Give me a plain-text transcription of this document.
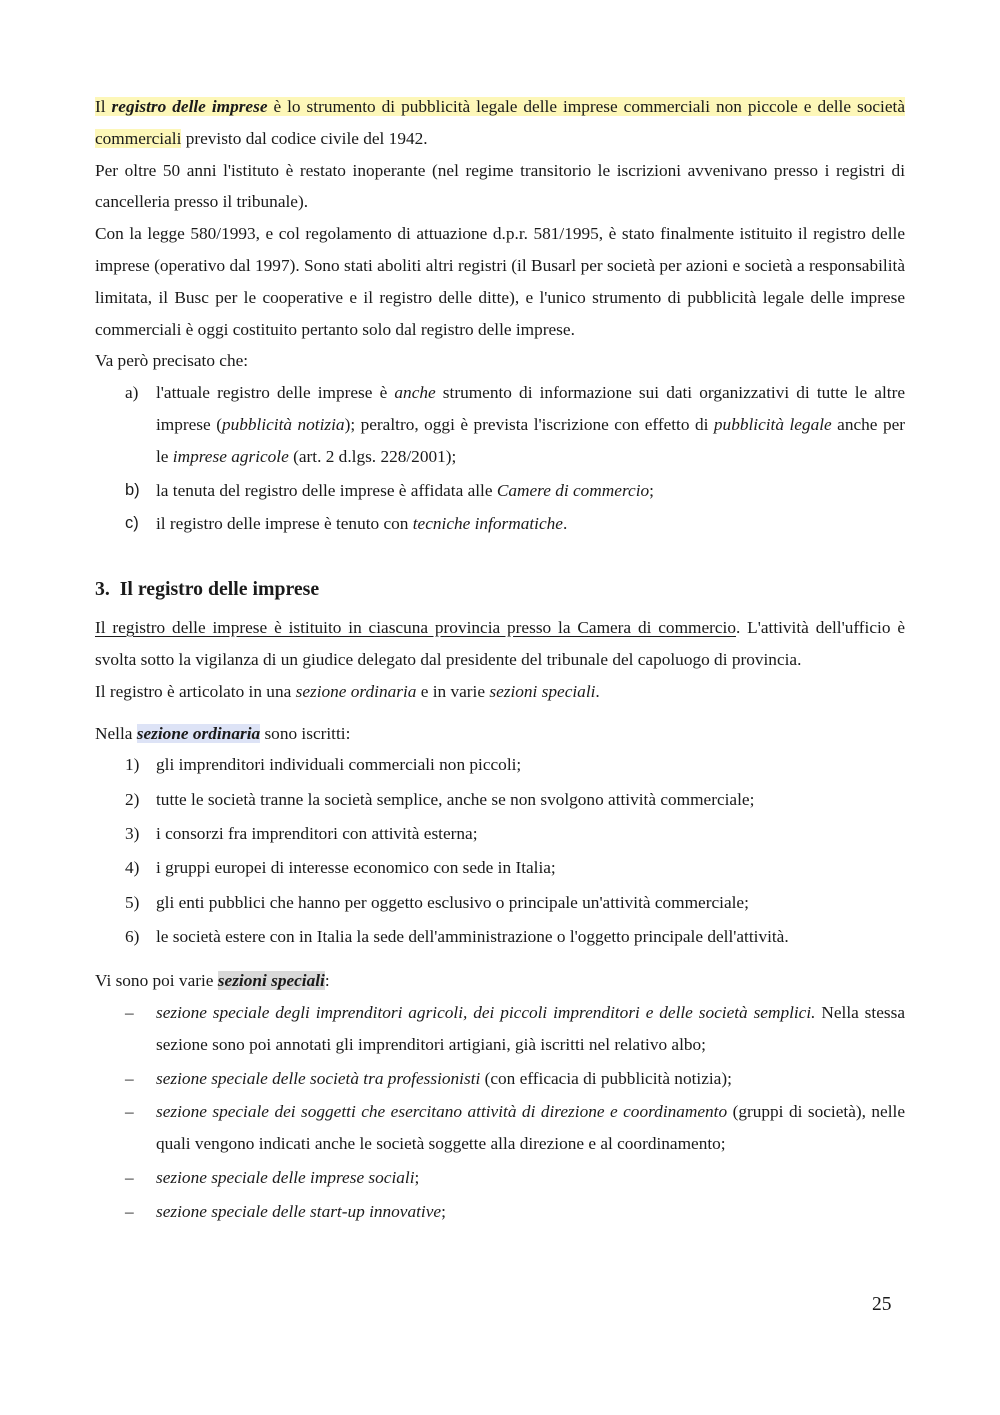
Il registro delle imprese è lo strumento di pubblicità legale delle imprese commerciali non piccole e delle società commerciali previsto dal codice civile del 1942.

Per oltre 50 anni l'istituto è restato inoperante (nel regime transitorio le iscrizioni avvenivano presso i registri di cancelleria presso il tribunale).

Con la legge 580/1993, e col regolamento di attuazione d.p.r. 581/1995, è stato finalmente istituito il registro delle imprese (operativo dal 1997). Sono stati aboliti altri registri (il Busarl per società per azioni e società a responsabilità limitata, il Busc per le cooperative e il registro delle ditte), e l'unico strumento di pubblicità legale delle imprese commerciali è oggi costituito pertanto solo dal registro delle imprese.

Va però precisato che:

a) l'attuale registro delle imprese è anche strumento di informazione sui dati organizzativi di tutte le altre imprese (pubblicità notizia); peraltro, oggi è prevista l'iscrizione con effetto di pubblicità legale anche per le imprese agricole (art. 2 d.lgs. 228/2001);
b) la tenuta del registro delle imprese è affidata alle Camere di commercio;
c) il registro delle imprese è tenuto con tecniche informatiche.
3. Il registro delle imprese

Il registro delle imprese è istituito in ciascuna provincia presso la Camera di commercio. L'attività dell'ufficio è svolta sotto la vigilanza di un giudice delegato dal presidente del tribunale del capoluogo di provincia.

Il registro è articolato in una sezione ordinaria e in varie sezioni speciali.

Nella sezione ordinaria sono iscritti:

1) gli imprenditori individuali commerciali non piccoli;
2) tutte le società tranne la società semplice, anche se non svolgono attività commerciale;
3) i consorzi fra imprenditori con attività esterna;
4) i gruppi europei di interesse economico con sede in Italia;
5) gli enti pubblici che hanno per oggetto esclusivo o principale un'attività commerciale;
6) le società estere con in Italia la sede dell'amministrazione o l'oggetto principale dell'attività.

Vi sono poi varie sezioni speciali:

– sezione speciale degli imprenditori agricoli, dei piccoli imprenditori e delle società semplici. Nella stessa sezione sono poi annotati gli imprenditori artigiani, già iscritti nel relativo albo;
– sezione speciale delle società tra professionisti (con efficacia di pubblicità notizia);
– sezione speciale dei soggetti che esercitano attività di direzione e coordinamento (gruppi di società), nelle quali vengono indicati anche le società soggette alla direzione e al coordinamento;
– sezione speciale delle imprese sociali;
– sezione speciale delle start-up innovative;
25
